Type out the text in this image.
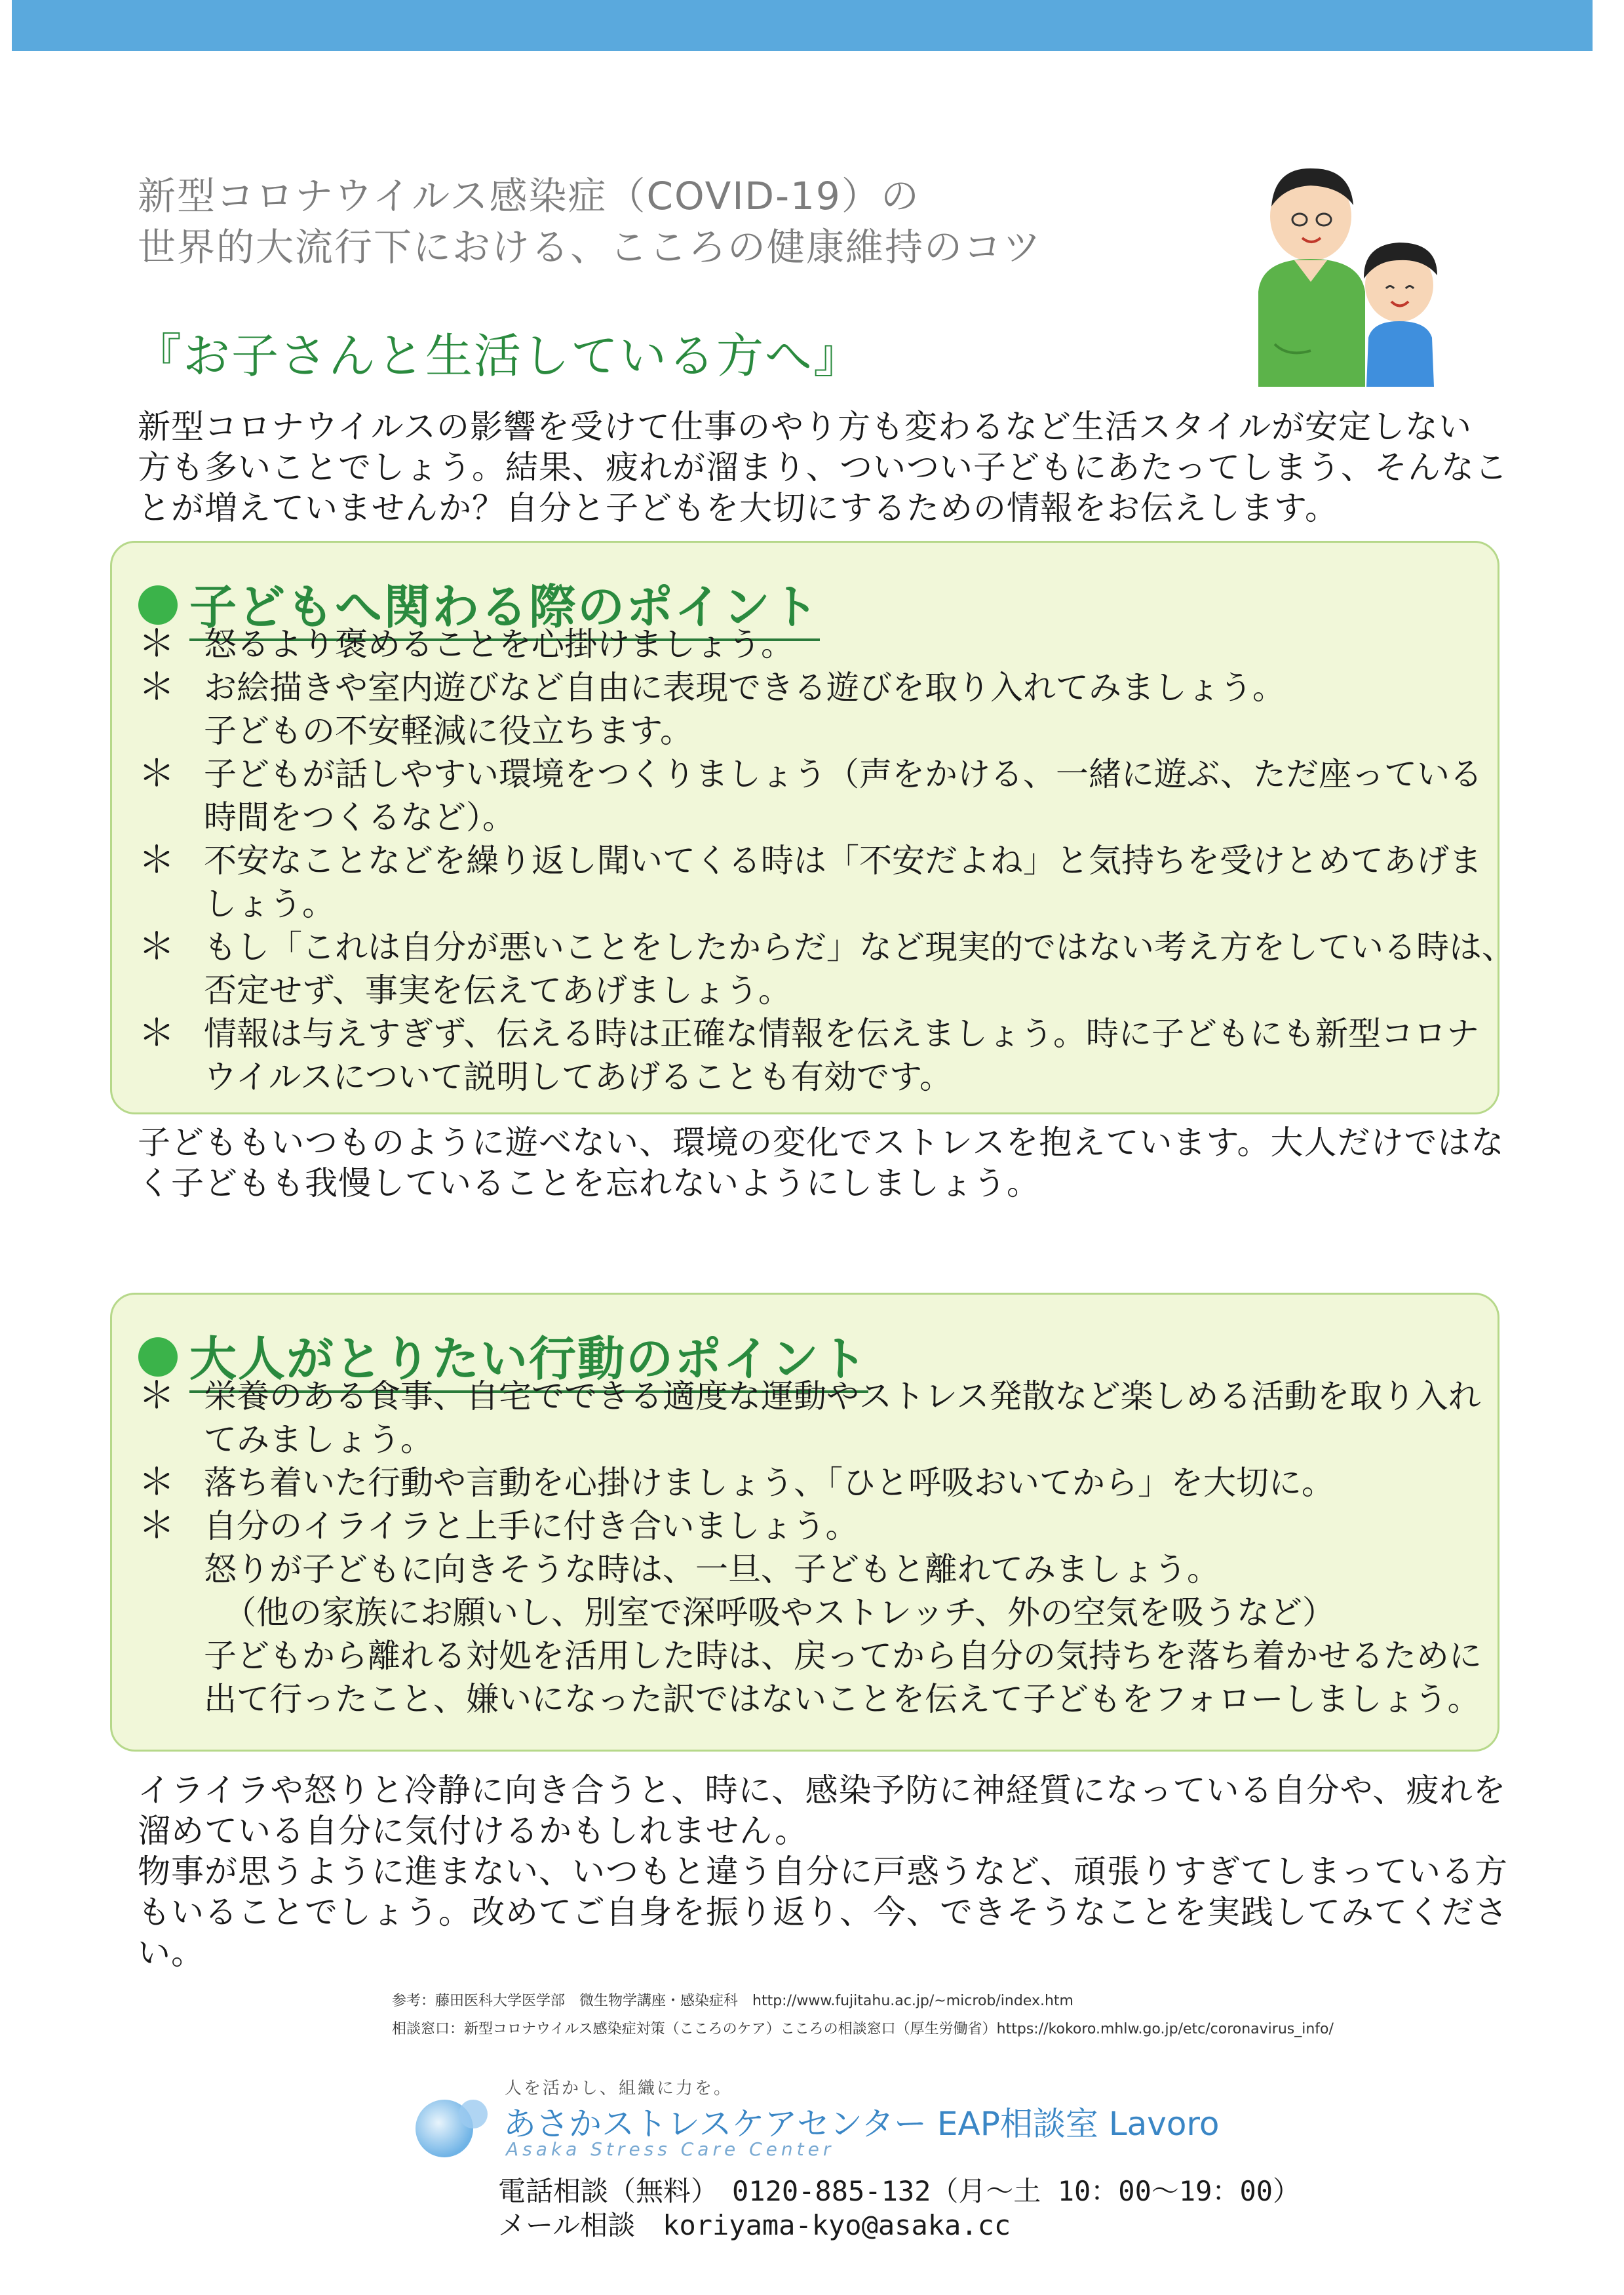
新型コロナウイルス感染症（COVID-19）の
世界的大流行下における、こころの健康維持のコツ
『お子さんと生活している方へ』

新型コロナウイルスの影響を受けて仕事のやり方も変わるなど生活スタイルが安定しない

方も多いことでしょう。結果、疲れが溜まり、ついつい子どもにあたってしまう、そんなこ

とが増えていませんか？自分と子どもを大切にするための情報をお伝えします。

子どもへ関わる際のポイント
＊ 怒るより褒めることを心掛けましょう。

＊ お絵描きや室内遊びなど自由に表現できる遊びを取り入れてみましょう。

子どもの不安軽減に役立ちます。

＊ 子どもが話しやすい環境をつくりましょう（声をかける、一緒に遊ぶ、ただ座っている

時間をつくるなど）。

＊ 不安なことなどを繰り返し聞いてくる時は「不安だよね」と気持ちを受けとめてあげま

しょう。

＊ もし「これは自分が悪いことをしたからだ」など現実的ではない考え方をしている時は、

否定せず、事実を伝えてあげましょう。

＊ 情報は与えすぎず、伝える時は正確な情報を伝えましょう。時に子どもにも新型コロナ

ウイルスについて説明してあげることも有効です。

子どももいつものように遊べない、環境の変化でストレスを抱えています。大人だけではな

く子どもも我慢していることを忘れないようにしましょう。

大人がとりたい行動のポイント
＊ 栄養のある食事、自宅でできる適度な運動やストレス発散など楽しめる活動を取り入れ

てみましょう。

＊ 落ち着いた行動や言動を心掛けましょう、「ひと呼吸おいてから」を大切に。

＊ 自分のイライラと上手に付き合いましょう。

怒りが子どもに向きそうな時は、一旦、子どもと離れてみましょう。

（他の家族にお願いし、別室で深呼吸やストレッチ、外の空気を吸うなど）

子どもから離れる対処を活用した時は、戻ってから自分の気持ちを落ち着かせるために

出て行ったこと、嫌いになった訳ではないことを伝えて子どもをフォローしましょう。

イライラや怒りと冷静に向き合うと、時に、感染予防に神経質になっている自分や、疲れを

溜めている自分に気付けるかもしれません。

物事が思うように進まない、いつもと違う自分に戸惑うなど、頑張りすぎてしまっている方

もいることでしょう。改めてご自身を振り返り、今、できそうなことを実践してみてくださ

い。

参考：藤田医科大学医学部　微生物学講座・感染症科　http://www.fujitahu.ac.jp/~microb/index.htm
相談窓口：新型コロナウイルス感染症対策（こころのケア）こころの相談窓口（厚生労働省）https://kokoro.mhlw.go.jp/etc/coronavirus_info/
人を活かし、組織に力を。
あさかストレスケアセンター EAP相談室 Lavoro
Asaka Stress Care Center
電話相談（無料）　0120-885-132（月～土 10：00～19：00）
メール相談　koriyama-kyo@asaka.cc
